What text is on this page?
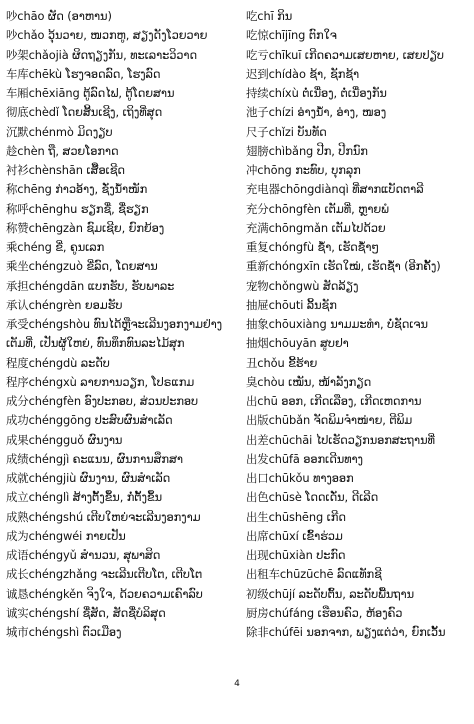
吵chāo ຜັດ (ອາຫານ)
吵chǎo ວຸ້ນວາຍ, ໜວກຫູ, ສຽງດັງໂວຍວາຍ
吵架chǎojià ຜິດຖຽງກັນ, ທະເລາະວິວາດ
车库chēkù ໂຮງຈອດລົດ, ໂຮງລົດ
车厢chēxiāng ຕູ້ລົດໄຟ, ຕູ້ໂດຍສານ
彻底chèdǐ ໂດຍສິ້ນເຊີງ, ເຖິງທີ່ສຸດ
沉默chénmò ມິດງຽບ
趁chèn ຖື, ສວຍໂອກາດ
衬衫chènshān ເສື້ອເຊີດ
称chēng ກ່າວອ້າງ, ຊັ່ງນໍ້າໜັກ
称呼chēnghu ຮຽກຊື່, ຊື່ຮຽກ
称赞chēngzàn ຊົມເຊີຍ, ຍົກຍ້ອງ
乘chéng ຂີ່, ຄູນເລກ
乘坐chéngzuò ຂີ່ລົດ, ໂດຍສານ
承担chéngdān ແບກຮັບ, ຮັບພາລະ
承认chéngrèn ຍອມຮັບ
承受chéngshòu ທົນໄດ້ຫຼືຈະເລີນງອກງາມຢ່າງ
ເຕັມທີ່, ເປັນຜູ້ໃຫຍ່, ທົນທຶກທົນລະໄມ້ສຸກ
程度chéngdù ລະດັບ
程序chéngxù ລາຍການວຽກ, ໂປຣແກມ
成分chéngfèn ອົງປະກອບ, ສ່ວນປະກອບ
成功chénggōng ປະສົບຜົນສໍາເລັດ
成果chéngguǒ ຜົນງານ
成绩chéngjì ຄະແນນ, ຜົນການສຶກສາ
成就chéngjiù ຜົນງານ, ຜົນສໍາເລັດ
成立chénglì ສ້າງຕັ້ງຂຶ້ນ, ກໍ່ຕັ້ງຂຶ້ນ
成熟chéngshú ເຕີບໃຫຍ່ຈະເລີນງອກງາມ
成为chéngwéi ກາຍເປັນ
成语chéngyǔ ສໍານວນ, ສຸພາສິດ
成长chéngzhǎng ຈະເລີນເຕີບໂຕ, ເຕີບໂຕ
诚恳chéngkěn ຈິງໃຈ, ດ້ວຍຄວາມເຄົາລົບ
诚实chéngshí ຊື່ສັດ, ສັດຊື່ບໍລິສຸດ
城市chéngshì ຕົວເມືອງ
吃chī ກິນ
吃惊chījīng ຕົກໃຈ
吃亏chīkuī ເກີດຄວາມເສຍຫາຍ, ເສຍປຽບ
迟到chídào ຊ້າ, ຊັກຊ້າ
持续chíxù ຕໍ່ເນື່ອງ, ຕໍ່ເນື່ອງກັນ
池子chízi ອ່າງນໍ້າ, ອ່າງ, ໜອງ
尺子chǐzi ບັນທັດ
翅膀chìbǎng ປີກ, ປີກນົກ
冲chōng ກະທົບ, ບຸກລຸກ
充电器chōngdiànqì ທີ່ສາກແບັດຕາລີ
充分chōngfèn ເຕັມທີ່, ຫຼາຍພໍ
充满chōngmǎn ເຕັມໄປດ້ວຍ
重复chóngfù ຊໍ້າ, ເຮັດຊໍ້າໆ
重新chóngxīn ເຮັດໃໝ່, ເຮັດຊໍ້າ (ອີກຄັ້ງ)
宠物chǒngwù ສັດລ້ຽງ
抽屉chōuti ລິ້ນຊັກ
抽象chōuxiàng ນາມມະທໍາ, ບໍ່ຊັດເຈນ
抽烟chōuyān ສູບຢາ
丑chǒu ຂີ້ຮ້າຍ
臭chòu ເໝັນ, ໜ້າລັງກຽດ
出chū ອອກ, ເກີດເລືອງ, ເກີດເຫດການ
出版chūbǎn ຈັດພິມຈໍາໜ່າຍ, ຕີພິມ
出差chūchāi ໄປເຮັດວຽກນອກສະຖານທີ່
出发chūfā ອອກເດີນທາງ
出口chūkǒu ທາງອອກ
出色chūsè ໂດດເດັ່ນ, ດີເລີດ
出生chūshēng ເກີດ
出席chūxí ເຂົ້າຮ່ວມ
出现chūxiàn ປະກົດ
出租车chūzūchē ລົດແທັກຊີ
初级chūjí ລະດັບຕົ້ນ, ລະດັບພື້ນຖານ
厨房chúfáng ເຮືອນຄົວ, ຫ້ອງຄົວ
除非chúfēi ນອກຈາກ, ພຽງແຕ່ວ່າ, ຍົກເວັ້ນ
4
